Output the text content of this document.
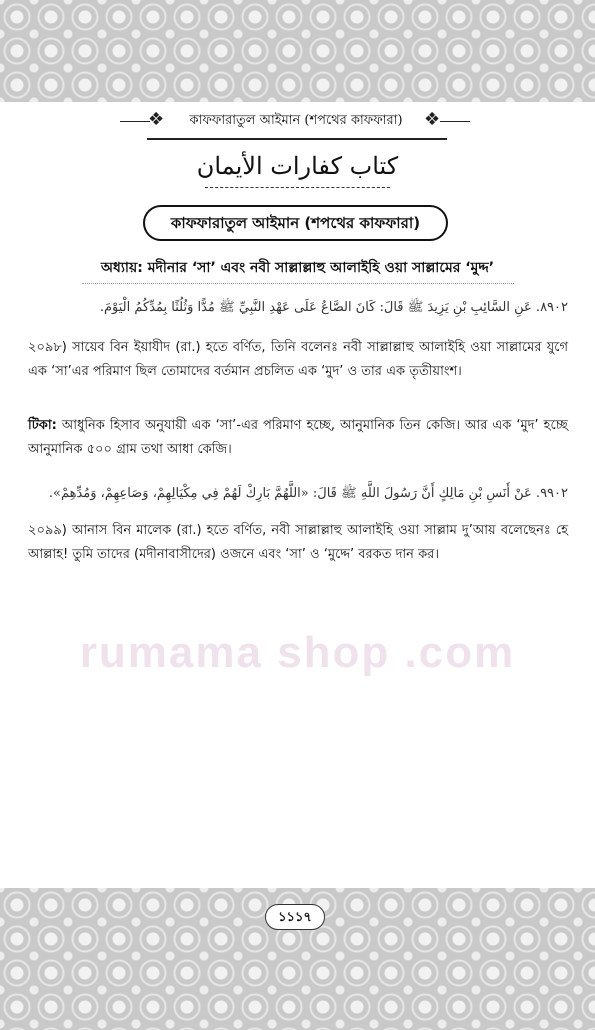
❖	কাফফারাতুল আইমান (শপথের কাফফারা)	❖
كتاب كفارات الأيمان
কাফফারাতুল আইমান (শপথের কাফফারা)
অধ্যায়: মদীনার ‘সা’ এবং নবী সাল্লাল্লাহু আলাইহি ওয়া সাল্লামের ‘মুদ্দ’
٨٩٠٢. عَنِ السَّائِبِ بْنِ يَزِيدَ ﷺ قَالَ: كَانَ الصَّاعُ عَلَى عَهْدِ النَّبِيِّ ﷺ مُدًّا وَثُلُثًا بِمُدِّكُمُ الْيَوْمَ.
২০৯৮) সায়েব বিন ইয়াযীদ (রা.) হতে বর্ণিত, তিনি বলেনঃ নবী সাল্লাল্লাহু আলাইহি ওয়া সাল্লামের যুগে এক ‘সা’এর পরিমাণ ছিল তোমাদের বর্তমান প্রচলিত এক ‘মুদ’ ও তার এক তৃতীয়াংশ।
টিকা: আধুনিক হিসাব অনুযায়ী এক ‘সা’-এর পরিমাণ হচ্ছে, আনুমানিক তিন কেজি। আর এক ‘মুদ’ হচ্ছে আনুমানিক ৫০০ গ্রাম তথা আধা কেজি।
٩٩٠٢. عَنْ أَنَسِ بْنِ مَالِكٍ أَنَّ رَسُولَ اللَّهِ ﷺ قَالَ: «اللَّهُمَّ بَارِكْ لَهُمْ فِي مِكْيَالِهِمْ، وَصَاعِهِمْ، وَمُدِّهِمْ».
২০৯৯) আনাস বিন মালেক (রা.) হতে বর্ণিত, নবী সাল্লাল্লাহু আলাইহি ওয়া সাল্লাম দু’আয় বলেছেনঃ হে আল্লাহ! তুমি তাদের (মদীনাবাসীদের) ওজনে এবং ‘সা’ ও ‘মুদ্দে’ বরকত দান কর।
rumama shop .com
১১১৭
